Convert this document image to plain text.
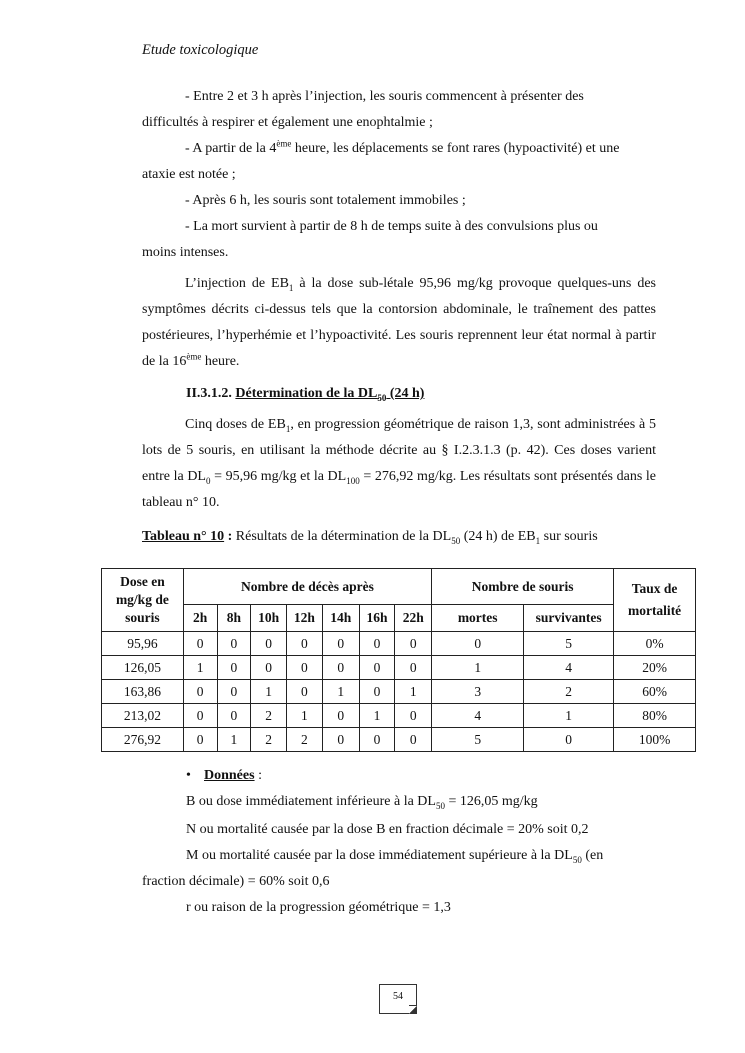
Etude toxicologique
- Entre 2 et 3 h après l’injection, les souris commencent à présenter des
difficultés à respirer et également une enophtalmie ;
- A partir de la 4ème heure, les déplacements se font rares (hypoactivité) et une
ataxie est notée ;
- Après 6 h, les souris sont totalement immobiles ;
- La mort survient à partir de 8 h de temps suite à des convulsions plus ou
moins intenses.
L’injection de $EB_1$ à la dose sub-létale 95,96 mg/kg provoque quelques-uns des symptômes décrits ci-dessus tels que la contorsion abdominale, le traînement des pattes postérieures, l’hyperhémie et l’hypoactivité. Les souris reprennent leur état normal à partir de la 16ème heure.
II.3.1.2. Détermination de la $DL_{50}$ (24 h)
Cinq doses de $EB_1$, en progression géométrique de raison 1,3, sont administrées à 5 lots de 5 souris, en utilisant la méthode décrite au § I.2.3.1.3 (p. 42). Ces doses varient entre la $DL_0 = 95,96$ mg/kg et la $DL_{100} = 276,92$ mg/kg. Les résultats sont présentés dans le tableau n° 10.
Tableau n° 10 : Résultats de la détermination de la $DL_{50}$ (24 h) de $EB_1$ sur souris
Dose en mg/kg de souris	Nombre de décès après							Nombre de souris		Taux de mortalité
	2h	8h	10h	12h	14h	16h	22h	mortes	survivantes	
95,96	0	0	0	0	0	0	0	0	5	0%
126,05	1	0	0	0	0	0	0	1	4	20%
163,86	0	0	1	0	1	0	1	3	2	60%
213,02	0	0	2	1	0	1	0	4	1	80%
276,92	0	1	2	2	0	0	0	5	0	100%
• Données :
B ou dose immédiatement inférieure à la $DL_{50} = 126,05$ mg/kg
N ou mortalité causée par la dose B en fraction décimale = 20% soit 0,2
M ou mortalité causée par la dose immédiatement supérieure à la $DL_{50}$ (en
fraction décimale) = 60% soit 0,6
r ou raison de la progression géométrique = 1,3
54
